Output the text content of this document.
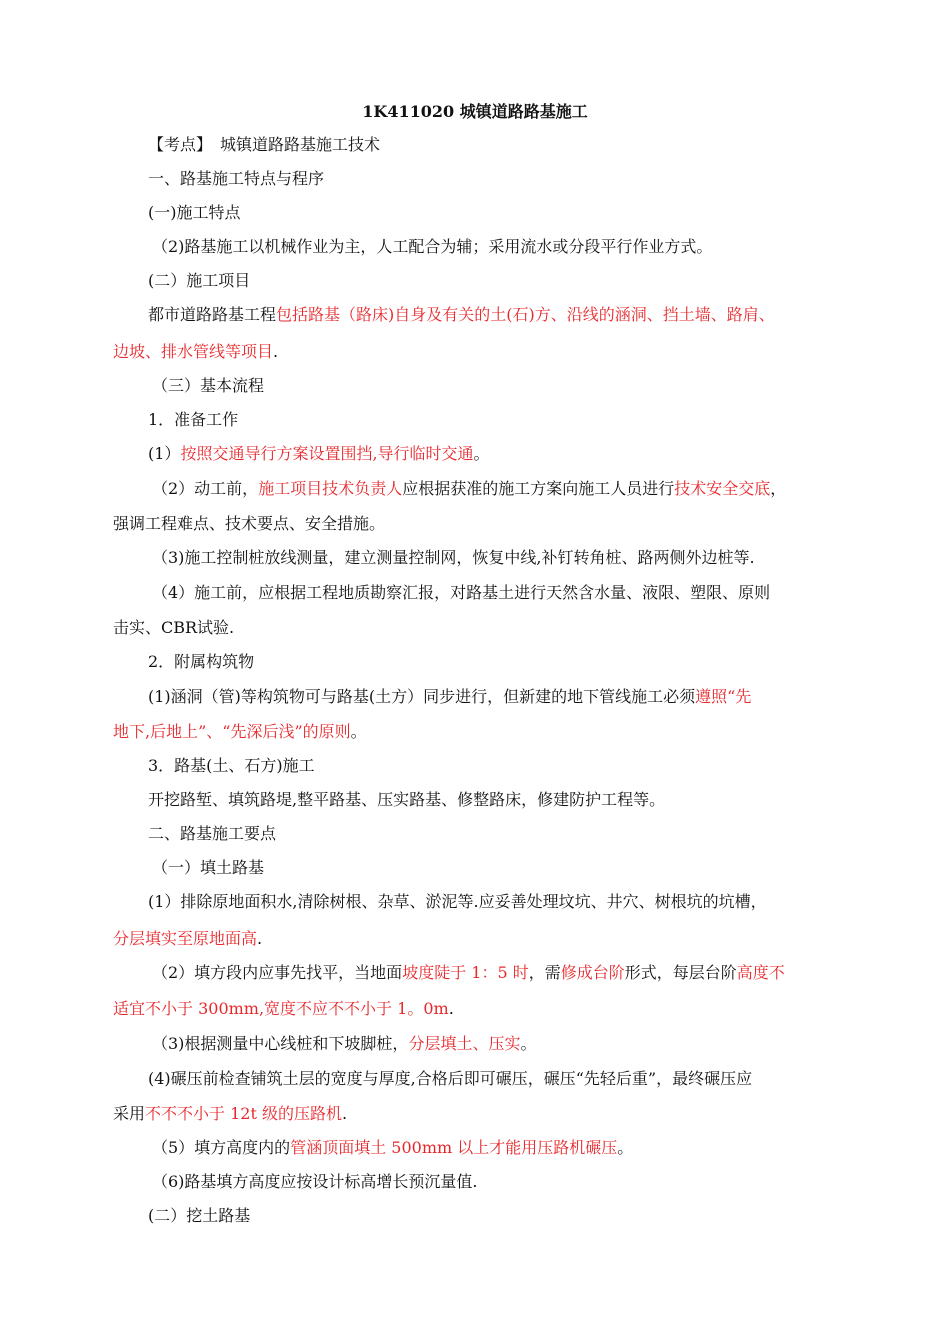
1K411020 城镇道路路基施工
【考点】　城镇道路路基施工技术
一、路基施工特点与程序
(一)施工特点
（2)路基施工以机械作业为主，人工配合为辅；采用流水或分段平行作业方式。
(二）施工项目
都市道路路基工程包括路基（路床)自身及有关的土(石)方、沿线的涵洞、挡土墙、路肩、
边坡、排水管线等项目.
（三）基本流程
1．准备工作
(1）按照交通导行方案设置围挡,导行临时交通。
（2）动工前，施工项目技术负责人应根据获准的施工方案向施工人员进行技术安全交底，
强调工程难点、技术要点、安全措施。
（3)施工控制桩放线测量，建立测量控制网，恢复中线,补钉转角桩、路两侧外边桩等.
（4）施工前，应根据工程地质勘察汇报，对路基土进行天然含水量、液限、塑限、原则
击实、CBR试验.
2．附属构筑物
(1)涵洞（管)等构筑物可与路基(土方）同步进行，但新建的地下管线施工必须遵照“先
地下,后地上”、“先深后浅”的原则。
3．路基(土、石方)施工
开挖路堑、填筑路堤,整平路基、压实路基、修整路床，修建防护工程等。
二、路基施工要点
（一）填土路基
(1）排除原地面积水,清除树根、杂草、淤泥等.应妥善处理坟坑、井穴、树根坑的坑槽，
分层填实至原地面高.
（2）填方段内应事先找平，当地面坡度陡于 1：5 时，需修成台阶形式，每层台阶高度不
适宜不小于 300mm,宽度不应不不小于 1。0m.
（3)根据测量中心线桩和下坡脚桩，分层填土、压实。
(4)碾压前检查铺筑土层的宽度与厚度,合格后即可碾压，碾压“先轻后重”，最终碾压应
采用不不不小于 12t 级的压路机.
（5）填方高度内的管涵顶面填土 500mm 以上才能用压路机碾压。
（6)路基填方高度应按设计标高增长预沉量值.
(二）挖土路基
